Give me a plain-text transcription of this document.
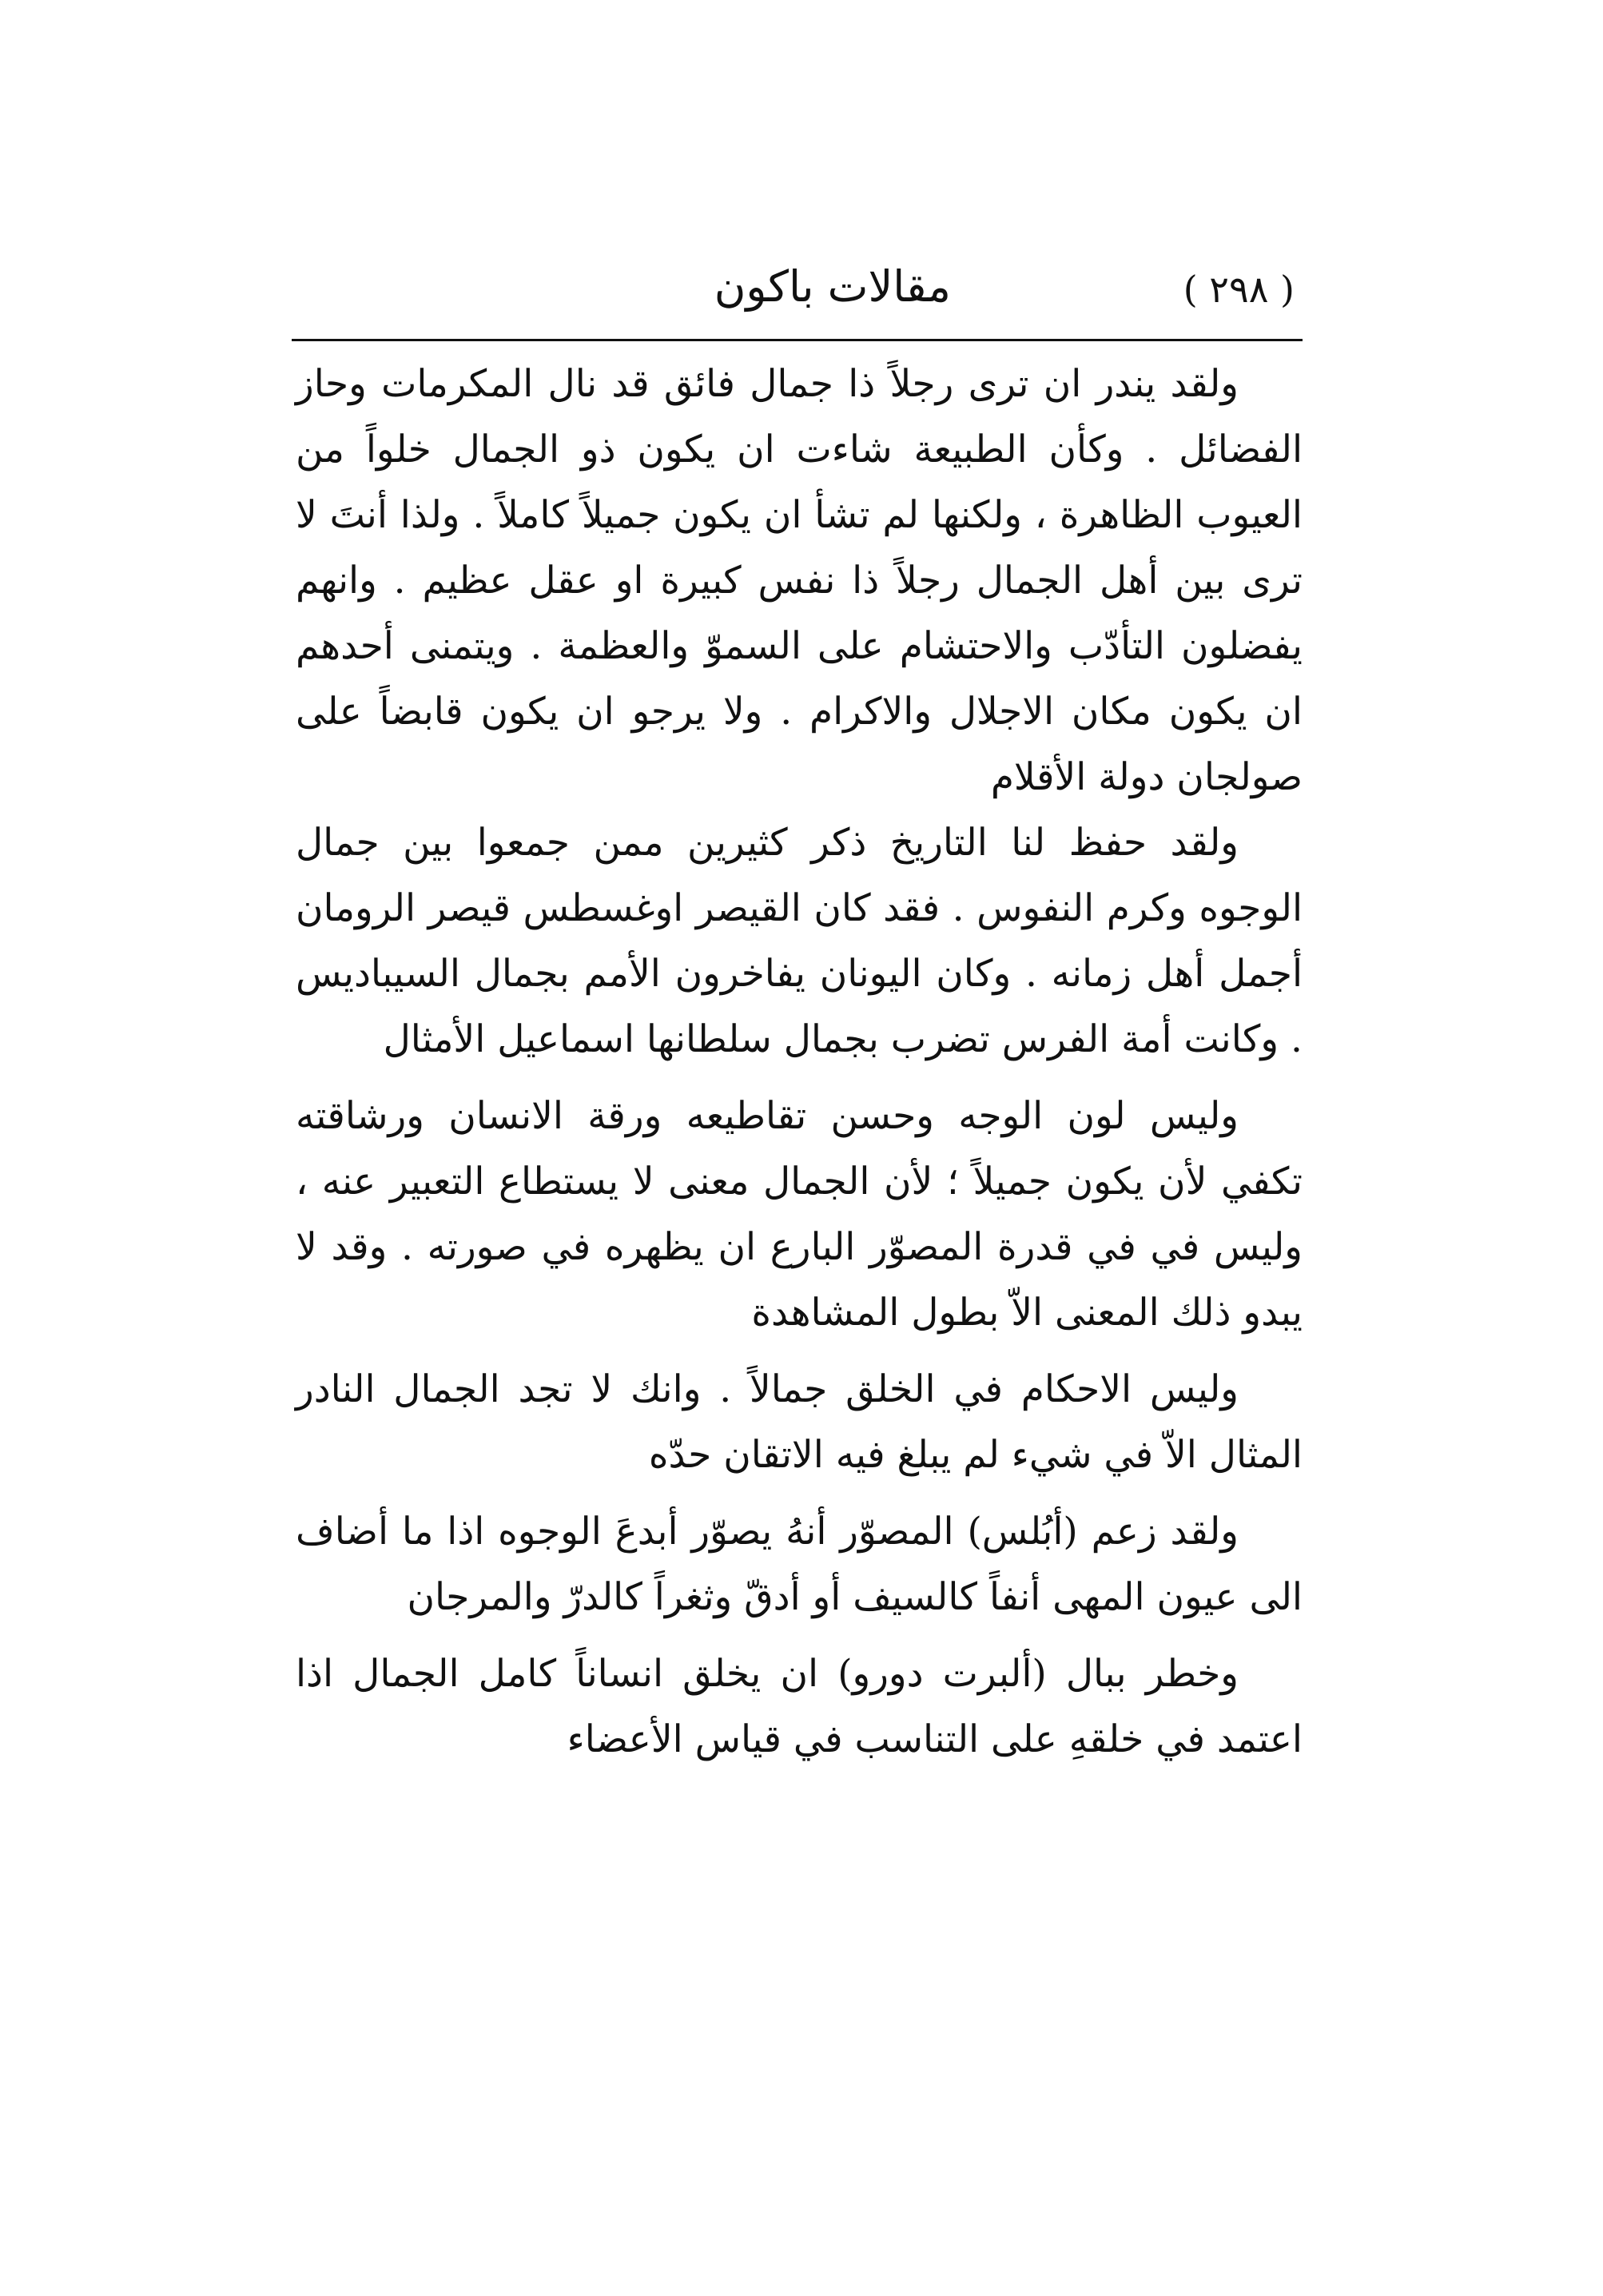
( ٢٩٨ )
مقالات باكون

ولقد يندر ان ترى رجلاً ذا جمال فائق قد نال المكرمات وحاز الفضائل . وكأن الطبيعة شاءت ان يكون ذو الجمال خلواً من العيوب الظاهرة ، ولكنها لم تشأ ان يكون جميلاً كاملاً . ولذا أنتَ لا ترى بين أهل الجمال رجلاً ذا نفس كبيرة او عقل عظيم . وانهم يفضلون التأدّب والاحتشام على السموّ والعظمة . ويتمنى أحدهم ان يكون مكان الاجلال والاكرام . ولا يرجو ان يكون قابضاً على صولجان دولة الأقلام

ولقد حفظ لنا التاريخ ذكر كثيرين ممن جمعوا بين جمال الوجوه وكرم النفوس . فقد كان القيصر اوغسطس قيصر الرومان أجمل أهل زمانه . وكان اليونان يفاخرون الأمم بجمال السيباديس . وكانت أمة الفرس تضرب بجمال سلطانها اسماعيل الأمثال

وليس لون الوجه وحسن تقاطيعه ورقة الانسان ورشاقته تكفي لأن يكون جميلاً ؛ لأن الجمال معنى لا يستطاع التعبير عنه ، وليس في في قدرة المصوّر البارع ان يظهره في صورته . وقد لا يبدو ذلك المعنى الاّ بطول المشاهدة

وليس الاحكام في الخلق جمالاً . وانك لا تجد الجمال النادر المثال الاّ في شيء لم يبلغ فيه الاتقان حدّه

ولقد زعم (أبُلس) المصوّر أنهُ يصوّر أبدعَ الوجوه اذا ما أضاف الى عيون المهى أنفاً كالسيف أو أدقّ وثغراً كالدرّ والمرجان

وخطر ببال (ألبرت دورو) ان يخلق انساناً كامل الجمال اذا اعتمد في خلقهِ على التناسب في قياس الأعضاء
